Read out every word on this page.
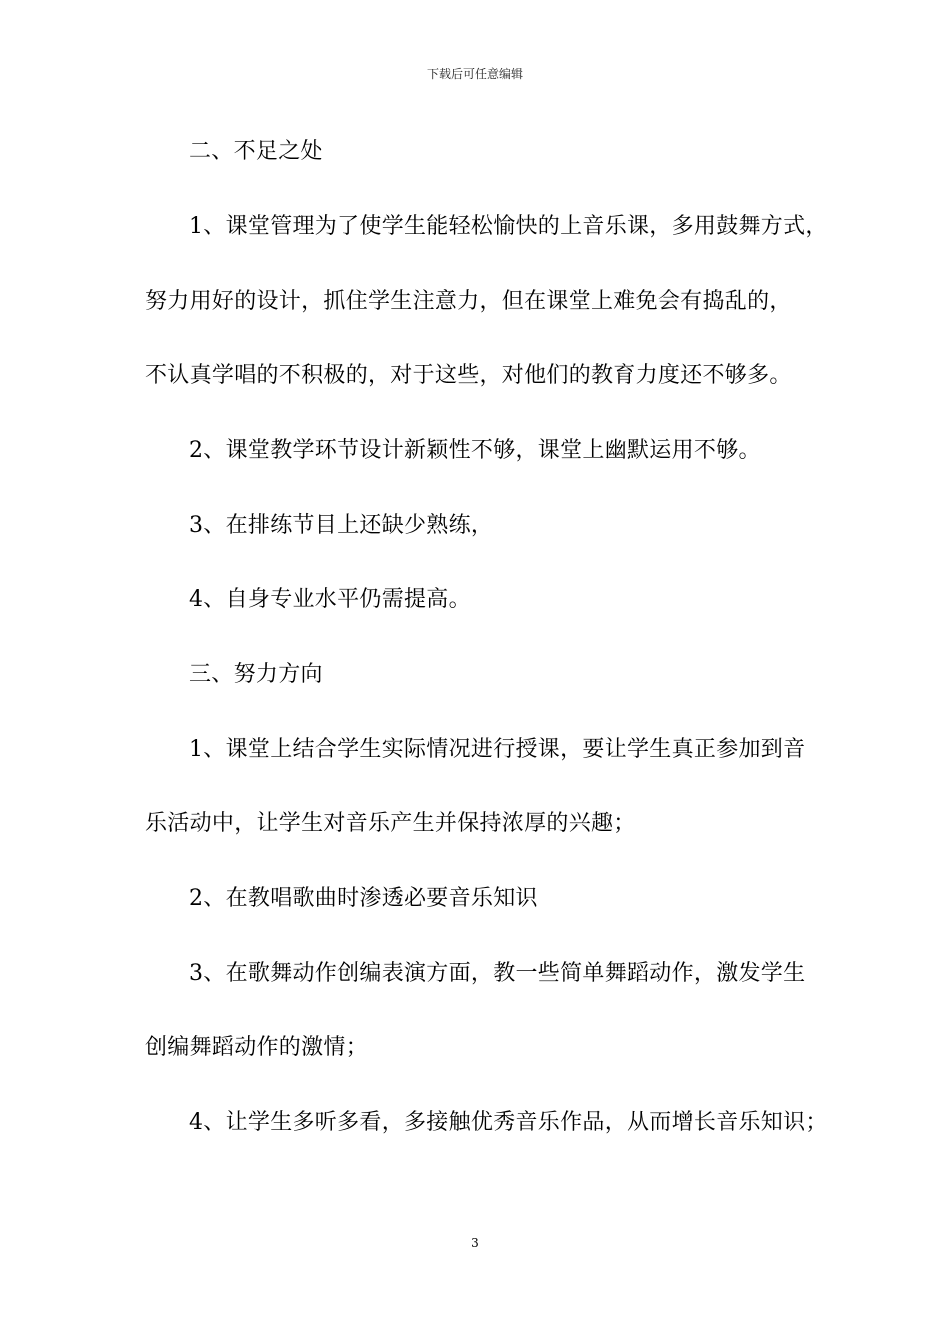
下载后可任意编辑
二、不足之处
1、课堂管理为了使学生能轻松愉快的上音乐课，多用鼓舞方式，
努力用好的设计，抓住学生注意力，但在课堂上难免会有捣乱的，
不认真学唱的不积极的，对于这些，对他们的教育力度还不够多。
2、课堂教学环节设计新颖性不够，课堂上幽默运用不够。
3、在排练节目上还缺少熟练，
4、自身专业水平仍需提高。
三、努力方向
1、课堂上结合学生实际情况进行授课，要让学生真正参加到音
乐活动中，让学生对音乐产生并保持浓厚的兴趣；
2、在教唱歌曲时渗透必要音乐知识
3、在歌舞动作创编表演方面，教一些简单舞蹈动作，激发学生
创编舞蹈动作的激情；
4、让学生多听多看，多接触优秀音乐作品，从而增长音乐知识；
3
